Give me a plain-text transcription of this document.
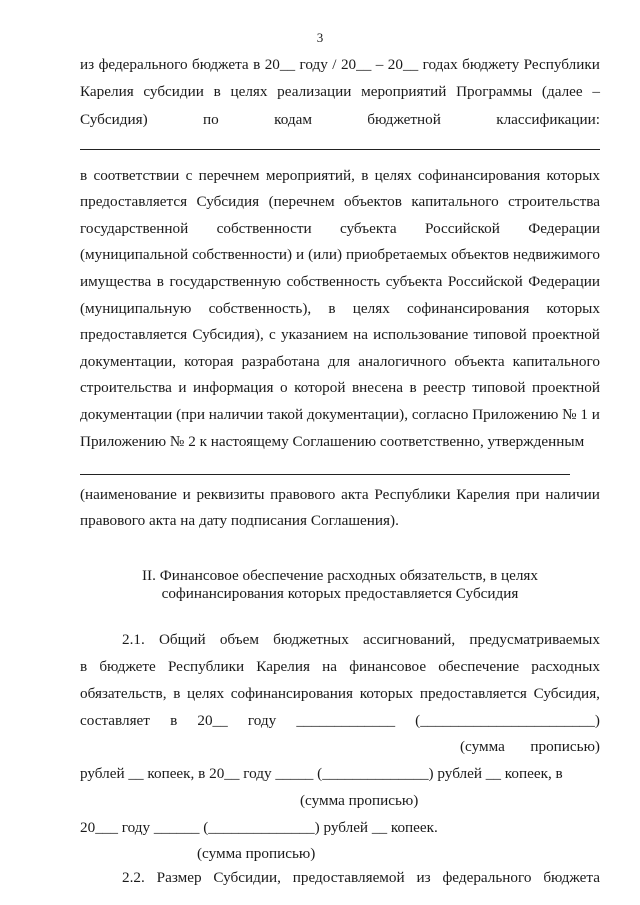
3
из федерального бюджета в 20__ году / 20__ – 20__ годах бюджету Республики
Карелия субсидии в целях реализации мероприятий Программы (далее –
Субсидия)	по	кодам	бюджетной	классификации:
в соответствии с перечнем мероприятий, в целях софинансирования которых
предоставляется Субсидия (перечнем объектов капитального строительства
государственной собственности субъекта Российской Федерации
(муниципальной собственности) и (или) приобретаемых объектов недвижимого
имущества в государственную собственность субъекта Российской Федерации
(муниципальную собственность), в целях софинансирования которых
предоставляется Субсидия), с указанием на использование типовой проектной
документации, которая разработана для аналогичного объекта капитального
строительства и информация о которой внесена в реестр типовой проектной
документации (при наличии такой документации), согласно Приложению № 1 и
Приложению № 2 к настоящему Соглашению соответственно, утвержденным
(наименование и реквизиты правового акта Республики Карелия при наличии
правового акта на дату подписания Соглашения).
II. Финансовое обеспечение расходных обязательств, в целях
софинансирования которых предоставляется Субсидия
2.1. Общий объем бюджетных ассигнований, предусматриваемых
в бюджете Республики Карелия на финансовое обеспечение расходных
обязательств, в целях софинансирования которых предоставляется Субсидия,
составляет в 20__ году _____________ (_______________________)
(сумма прописью)
рублей __ копеек, в 20__ году _____ (______________) рублей __ копеек, в
(сумма прописью)
20___ году ______ (______________) рублей __ копеек.
(сумма прописью)
2.2. Размер Субсидии, предоставляемой из федерального бюджета
